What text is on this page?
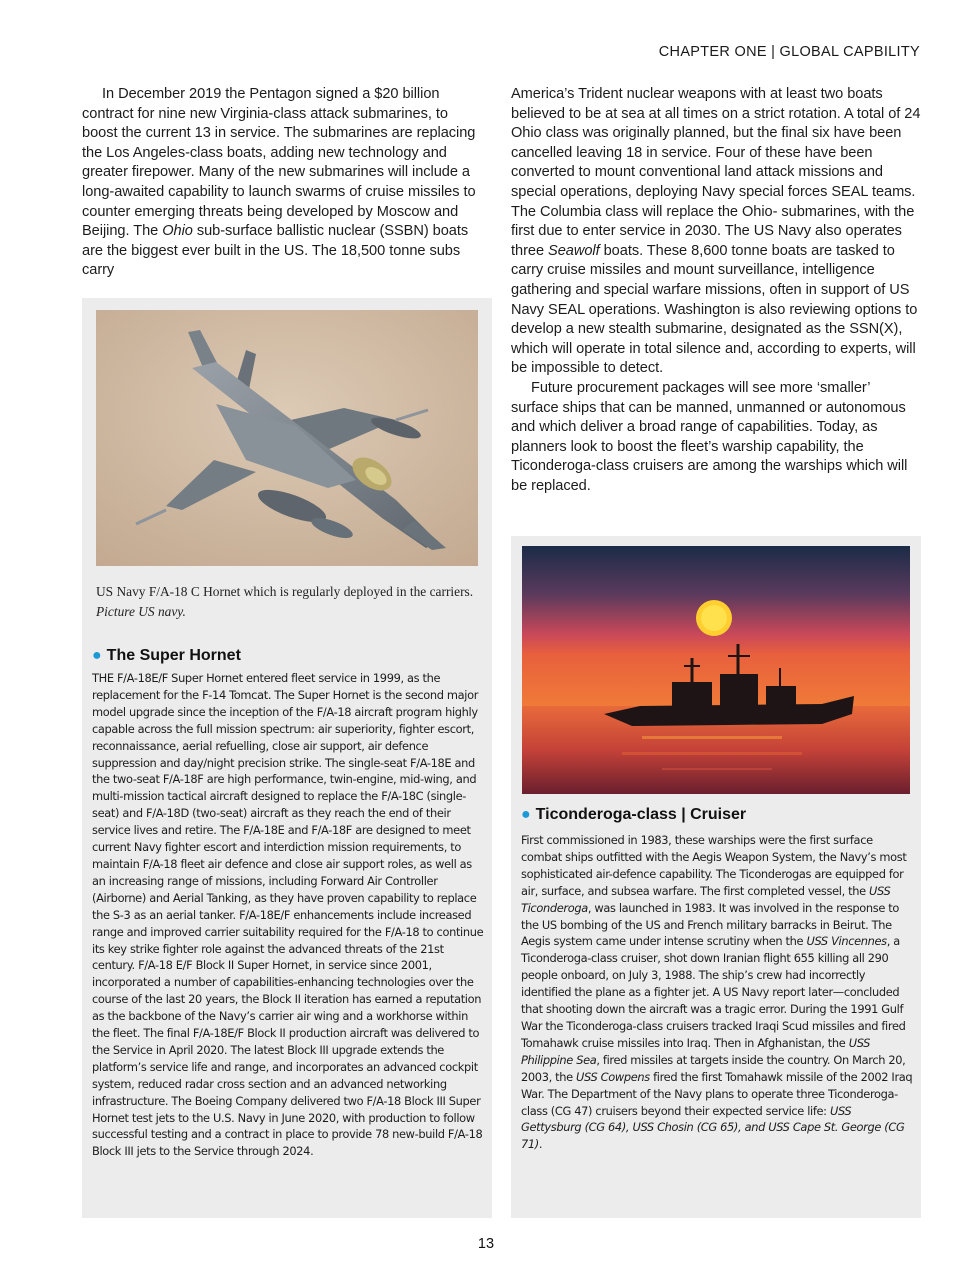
CHAPTER ONE | GLOBAL CAPBILITY

In December 2019 the Pentagon signed a $20 billion contract for nine new Virginia-class attack submarines, to boost the current 13 in service. The submarines are replacing the Los Angeles-class boats, adding new technology and greater firepower. Many of the new submarines will include a long-awaited capability to launch swarms of cruise missiles to counter emerging threats being developed by Moscow and Beijing. The Ohio sub-surface ballistic nuclear (SSBN) boats are the biggest ever built in the US. The 18,500 tonne subs carry

America’s Trident nuclear weapons with at least two boats believed to be at sea at all times on a strict rotation. A total of 24 Ohio class was originally planned, but the final six have been cancelled leaving 18 in service. Four of these have been converted to mount conventional land attack missions and special operations, deploying Navy special forces SEAL teams. The Columbia class will replace the Ohio- submarines, with the first due to enter service in 2030. The US Navy also operates three Seawolf boats. These 8,600 tonne boats are tasked to carry cruise missiles and mount surveillance, intelligence gathering and special warfare missions, often in support of US Navy SEAL operations. Washington is also reviewing options to develop a new stealth submarine, designated as the SSN(X), which will operate in total silence and, according to experts, will be impossible to detect.

Future procurement packages will see more ‘smaller’ surface ships that can be manned, unmanned or autonomous and which deliver a broad range of capabilities. Today, as planners look to boost the fleet’s warship capability, the Ticonderoga-class cruisers are among the warships which will be replaced.

US Navy F/A-18 C Hornet which is regularly deployed in the carriers. Picture US navy.
● The Super Hornet
THE F/A-18E/F Super Hornet entered fleet service in 1999, as the replacement for the F-14 Tomcat. The Super Hornet is the second major model upgrade since the inception of the F/A-18 aircraft program highly capable across the full mission spectrum: air superiority, fighter escort, reconnaissance, aerial refuelling, close air support, air defence suppression and day/night precision strike. The single-seat F/A-18E and the two-seat F/A-18F are high performance, twin-engine, mid-wing, and multi-mission tactical aircraft designed to replace the F/A-18C (single-seat) and F/A-18D (two-seat) aircraft as they reach the end of their service lives and retire. The F/A-18E and F/A-18F are designed to meet current Navy fighter escort and interdiction mission requirements, to maintain F/A-18 fleet air defence and close air support roles, as well as an increasing range of missions, including Forward Air Controller (Airborne) and Aerial Tanking, as they have proven capability to replace the S-3 as an aerial tanker. F/A-18E/F enhancements include increased range and improved carrier suitability required for the F/A-18 to continue its key strike fighter role against the advanced threats of the 21st century. F/A-18 E/F Block II Super Hornet, in service since 2001, incorporated a number of capabilities-enhancing technologies over the course of the last 20 years, the Block II iteration has earned a reputation as the backbone of the Navy’s carrier air wing and a workhorse within the fleet. The final F/A-18E/F Block II production aircraft was delivered to the Service in April 2020. The latest Block III upgrade extends the platform’s service life and range, and incorporates an advanced cockpit system, reduced radar cross section and an advanced networking infrastructure. The Boeing Company delivered two F/A-18 Block III Super Hornet test jets to the U.S. Navy in June 2020, with production to follow successful testing and a contract in place to provide 78 new-build F/A-18 Block III jets to the Service through 2024.
● Ticonderoga-class | Cruiser
First commissioned in 1983, these warships were the first surface combat ships outfitted with the Aegis Weapon System, the Navy’s most sophisticated air-defence capability. The Ticonderogas are equipped for air, surface, and subsea warfare. The first completed vessel, the USS Ticonderoga, was launched in 1983. It was involved in the response to the US bombing of the US and French military barracks in Beirut. The Aegis system came under intense scrutiny when the USS Vincennes, a Ticonderoga-class cruiser, shot down Iranian flight 655 killing all 290 people onboard, on July 3, 1988. The ship’s crew had incorrectly identified the plane as a fighter jet. A US Navy report later—concluded that shooting down the aircraft was a tragic error. During the 1991 Gulf War the Ticonderoga-class cruisers tracked Iraqi Scud missiles and fired Tomahawk cruise missiles into Iraq. Then in Afghanistan, the USS Philippine Sea, fired missiles at targets inside the country. On March 20, 2003, the USS Cowpens fired the first Tomahawk missile of the 2002 Iraq War. The Department of the Navy plans to operate three Ticonderoga-class (CG 47) cruisers beyond their expected service life: USS Gettysburg (CG 64), USS Chosin (CG 65), and USS Cape St. George (CG 71).
13
